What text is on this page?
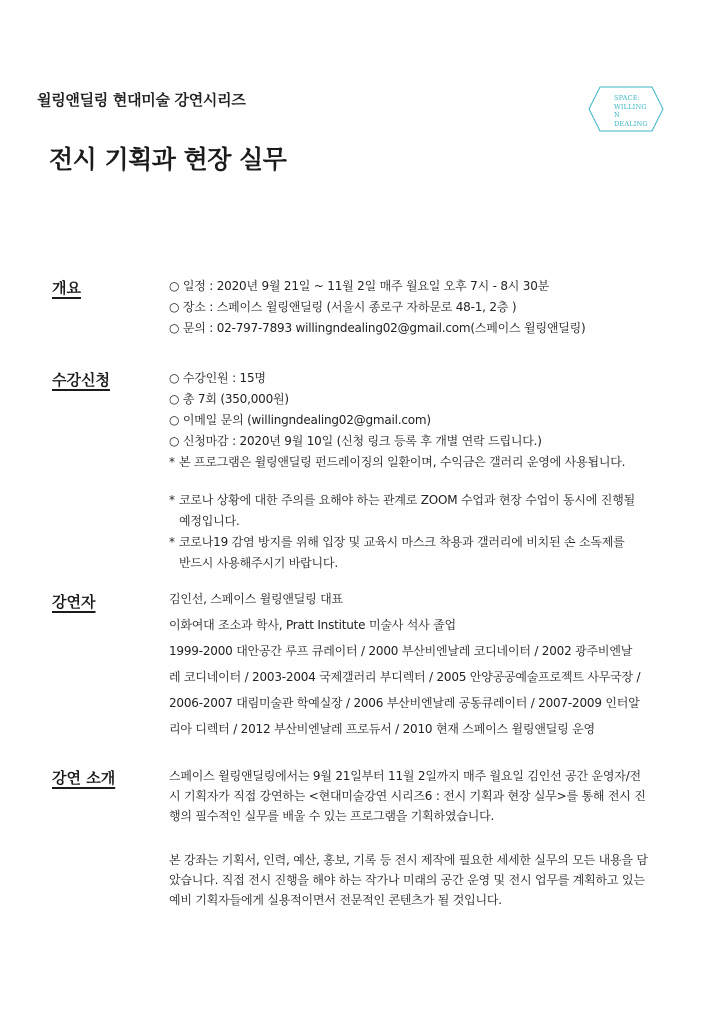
윌링앤딜링 현대미술 강연시리즈	SPACE:
WILLING
N
DEALING
전시 기획과 현장 실무
개요	○ 일정 : 2020년 9월 21일 ~ 11월 2일 매주 월요일 오후 7시 - 8시 30분
○ 장소 : 스페이스 윌링앤딜링 (서울시 종로구 자하문로 48-1, 2층 )
○ 문의 : 02-797-7893 willingndealing02@gmail.com(스페이스 윌링앤딜링)
수강신청	○ 수강인원 : 15명
○ 총 7회 (350,000원)
○ 이메일 문의 (willingndealing02@gmail.com)
○ 신청마감 : 2020년 9월 10일 (신청 링크 등록 후 개별 연락 드립니다.)
* 본 프로그램은 윌링앤딜링 펀드레이징의 일환이며, 수익금은 갤러리 운영에 사용됩니다.
* 코로나 상황에 대한 주의를 요해야 하는 관계로 ZOOM 수업과 현장 수업이 동시에 진행될
예정입니다.
* 코로나19 감염 방지를 위해 입장 및 교육시 마스크 착용과 갤러리에 비치된 손 소독제를
반드시 사용해주시기 바랍니다.
강연자	김인선, 스페이스 윌링앤딜링 대표
이화여대 조소과 학사, Pratt Institute 미술사 석사 졸업
1999-2000 대안공간 루프 큐레이터 / 2000 부산비엔날레 코디네이터 / 2002 광주비엔날
레 코디네이터 / 2003-2004 국제갤러리 부디렉터 / 2005 안양공공예술프로젝트 사무국장 /
2006-2007 대림미술관 학예실장 / 2006 부산비엔날레 공동큐레이터 / 2007-2009 인터알
리아 디렉터 / 2012 부산비엔날레 프로듀서 / 2010 현재 스페이스 윌링앤딜링 운영
강연 소개	스페이스 윌링앤딜링에서는 9월 21일부터 11월 2일까지 매주 월요일 김인선 공간 운영자/전
시 기획자가 직접 강연하는 <현대미술강연 시리즈6 : 전시 기획과 현장 실무>를 통해 전시 진
행의 필수적인 실무를 배울 수 있는 프로그램을 기획하였습니다.
본 강좌는 기획서, 인력, 예산, 홍보, 기록 등 전시 제작에 필요한 세세한 실무의 모든 내용을 담
았습니다. 직접 전시 진행을 해야 하는 작가나 미래의 공간 운영 및 전시 업무를 계획하고 있는
예비 기획자들에게 실용적이면서 전문적인 콘텐츠가 될 것입니다.
